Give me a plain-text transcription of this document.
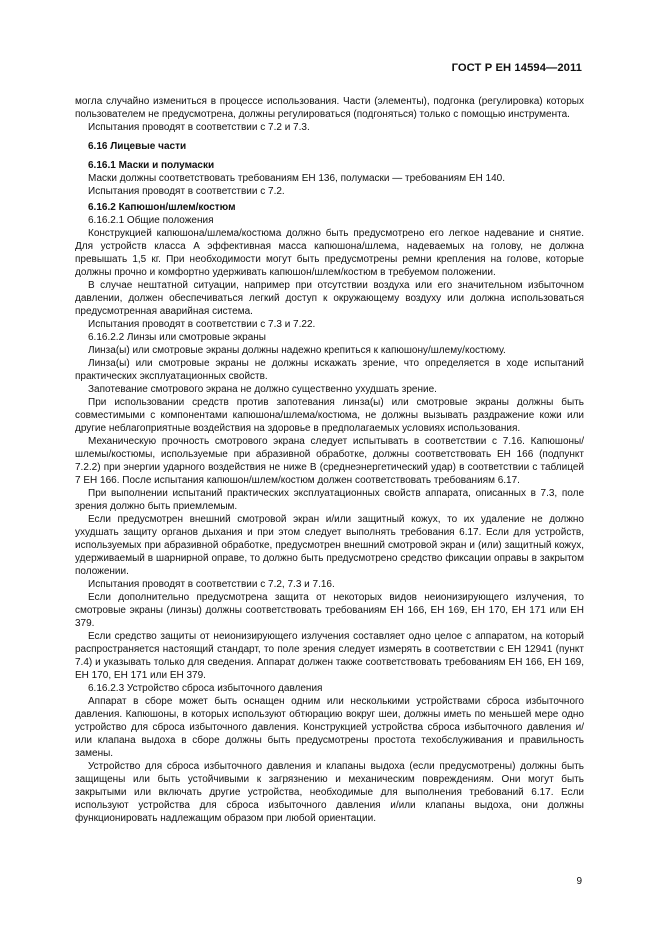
ГОСТ Р ЕН 14594—2011

могла случайно измениться в процессе использования. Части (элементы), подгонка (регулировка) которых пользователем не предусмотрена, должны регулироваться (подгоняться) только с помощью инструмента.

Испытания проводят в соответствии с 7.2 и 7.3.

6.16 Лицевые части

6.16.1 Маски и полумаски

Маски должны соответствовать требованиям ЕН 136, полумаски — требованиям ЕН 140.

Испытания проводят в соответствии с 7.2.

6.16.2 Капюшон/шлем/костюм

6.16.2.1 Общие положения

Конструкцией капюшона/шлема/костюма должно быть предусмотрено его легкое надевание и снятие. Для устройств класса А эффективная масса капюшона/шлема, надеваемых на голову, не должна превышать 1,5 кг. При необходимости могут быть предусмотрены ремни крепления на голове, которые должны прочно и комфортно удерживать капюшон/шлем/костюм в требуемом положении.

В случае нештатной ситуации, например при отсутствии воздуха или его значительном избыточном давлении, должен обеспечиваться легкий доступ к окружающему воздуху или должна использоваться предусмотренная аварийная система.

Испытания проводят в соответствии с 7.3 и 7.22.

6.16.2.2 Линзы или смотровые экраны

Линза(ы) или смотровые экраны должны надежно крепиться к капюшону/шлему/костюму.

Линза(ы) или смотровые экраны не должны искажать зрение, что определяется в ходе испытаний практических эксплуатационных свойств.

Запотевание смотрового экрана не должно существенно ухудшать зрение.

При использовании средств против запотевания линза(ы) или смотровые экраны должны быть совместимыми с компонентами капюшона/шлема/костюма, не должны вызывать раздражение кожи или другие неблагоприятные воздействия на здоровье в предполагаемых условиях использования.

Механическую прочность смотрового экрана следует испытывать в соответствии с 7.16. Капюшоны/шлемы/костюмы, используемые при абразивной обработке, должны соответствовать ЕН 166 (подпункт 7.2.2) при энергии ударного воздействия не ниже В (среднеэнергетический удар) в соответствии с таблицей 7 ЕН 166. После испытания капюшон/шлем/костюм должен соответствовать требованиям 6.17.

При выполнении испытаний практических эксплуатационных свойств аппарата, описанных в 7.3, поле зрения должно быть приемлемым.

Если предусмотрен внешний смотровой экран и/или защитный кожух, то их удаление не должно ухудшать защиту органов дыхания и при этом следует выполнять требования 6.17. Если для устройств, используемых при абразивной обработке, предусмотрен внешний смотровой экран и (или) защитный кожух, удерживаемый в шарнирной оправе, то должно быть предусмотрено средство фиксации оправы в закрытом положении.

Испытания проводят в соответствии с 7.2, 7.3 и 7.16.

Если дополнительно предусмотрена защита от некоторых видов неионизирующего излучения, то смотровые экраны (линзы) должны соответствовать требованиям ЕН 166, ЕН 169, ЕН 170, ЕН 171 или ЕН 379.

Если средство защиты от неионизирующего излучения составляет одно целое с аппаратом, на который распространяется настоящий стандарт, то поле зрения следует измерять в соответствии с ЕН 12941 (пункт 7.4) и указывать только для сведения. Аппарат должен также соответствовать требованиям ЕН 166, ЕН 169, ЕН 170, ЕН 171 или ЕН 379.

6.16.2.3 Устройство сброса избыточного давления

Аппарат в сборе может быть оснащен одним или несколькими устройствами сброса избыточного давления. Капюшоны, в которых используют обтюрацию вокруг шеи, должны иметь по меньшей мере одно устройство для сброса избыточного давления. Конструкцией устройства сброса избыточного давления и/или клапана выдоха в сборе должны быть предусмотрены простота техобслуживания и правильность замены.

Устройство для сброса избыточного давления и клапаны выдоха (если предусмотрены) должны быть защищены или быть устойчивыми к загрязнению и механическим повреждениям. Они могут быть закрытыми или включать другие устройства, необходимые для выполнения требований 6.17. Если используют устройства для сброса избыточного давления и/или клапаны выдоха, они должны функционировать надлежащим образом при любой ориентации.

9
